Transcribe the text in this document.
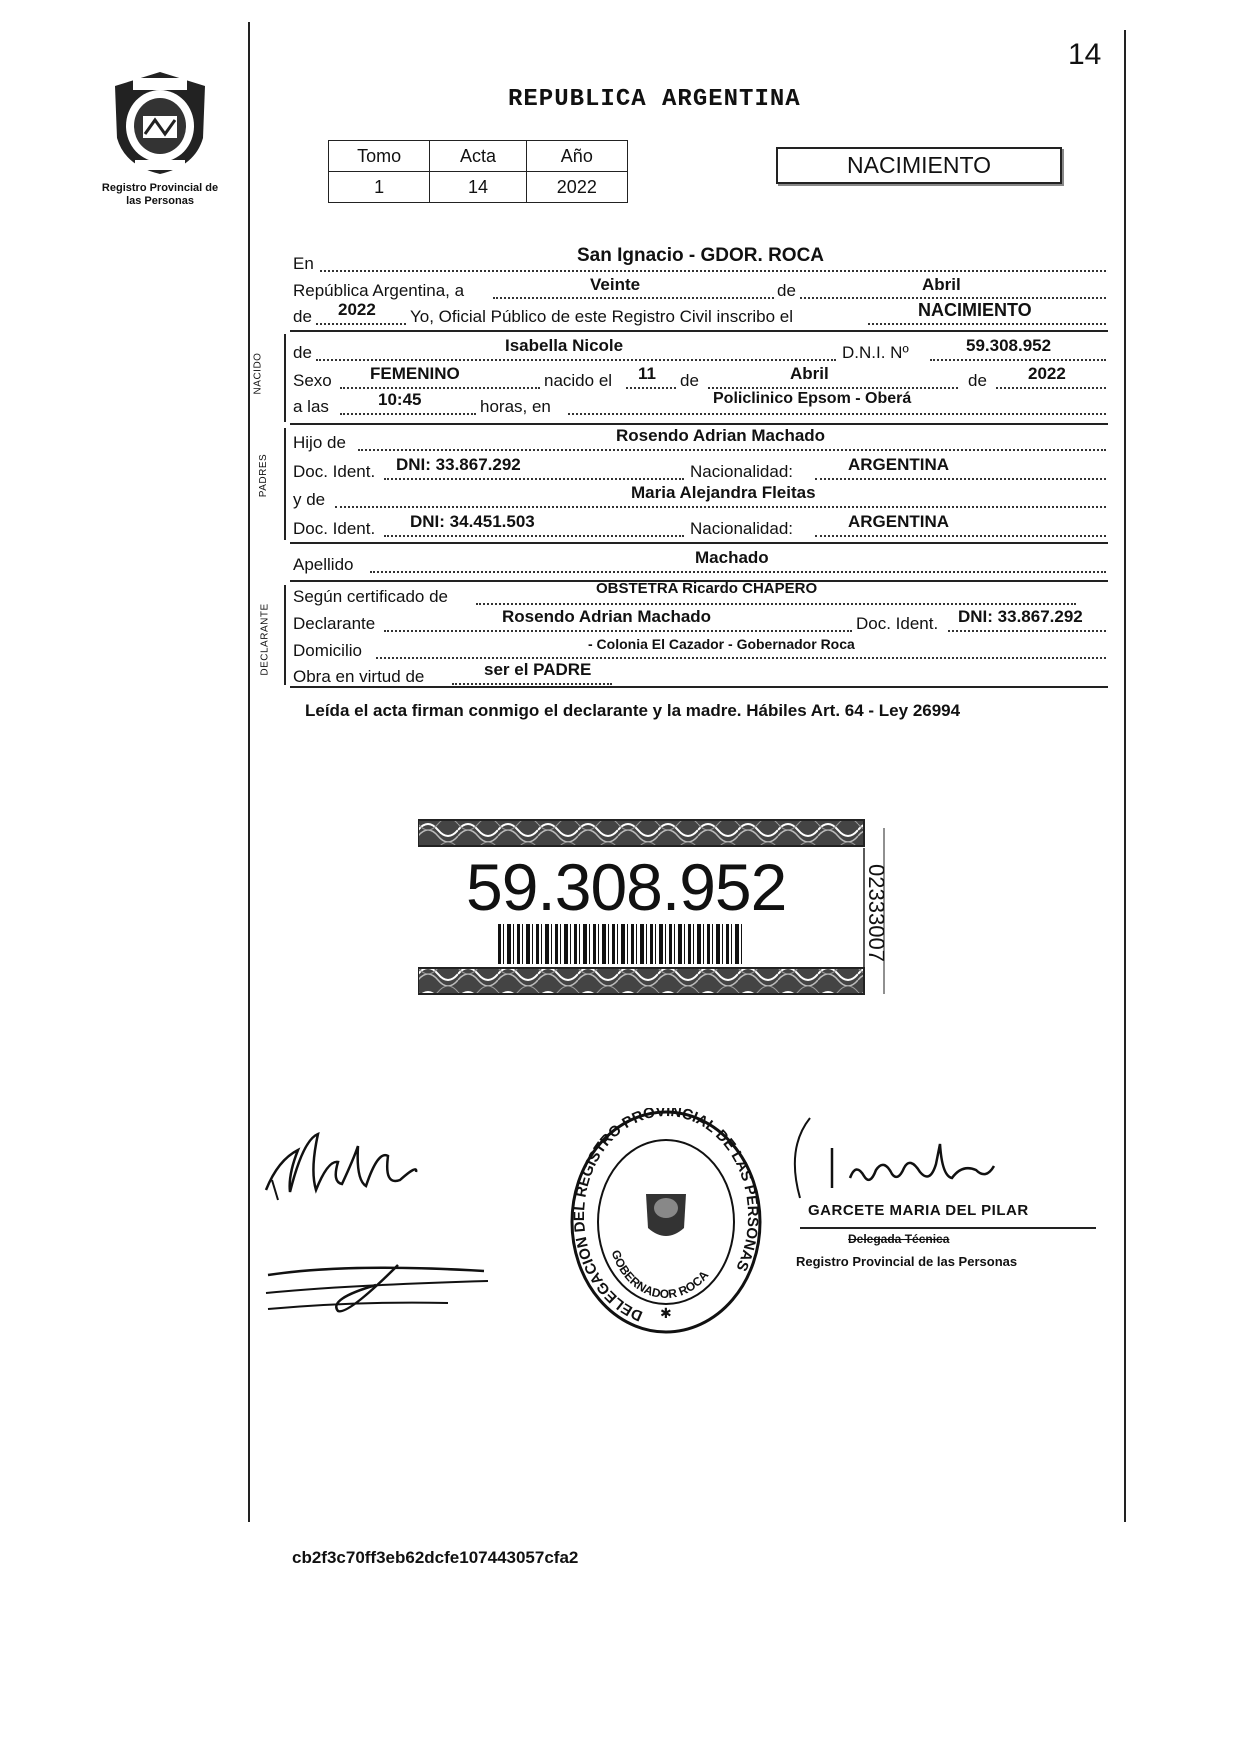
14
Registro Provincial de las Personas
REPUBLICA ARGENTINA
Tomo	Acta	Año
1	14	2022
NACIMIENTO
En	San Ignacio - GDOR. ROCA
República Argentina, a	Veinte	de	Abril
de 2022 Yo, Oficial Público de este Registro Civil inscribo el	NACIMIENTO
NACIDO
de	Isabella Nicole	D.N.I. Nº	59.308.952
Sexo FEMENINO	nacido el 11 de	Abril	de 2022
a las	10:45	horas, en	Policlinico Epsom - Oberá
PADRES
Hijo de	Rosendo Adrian Machado
Doc. Ident. DNI: 33.867.292	Nacionalidad:	ARGENTINA
y de	Maria Alejandra Fleitas
Doc. Ident. DNI: 34.451.503	Nacionalidad:	ARGENTINA
Apellido	Machado
DECLARANTE
Según certificado de	OBSTETRA Ricardo CHAPERO
Declarante	Rosendo Adrian Machado	Doc. Ident. DNI: 33.867.292
Domicilio	- Colonia El Cazador - Gobernador Roca
Obra en virtud de	ser el PADRE
Leída el acta firman conmigo el declarante y la madre. Hábiles Art. 64 - Ley 26994
59.308.952	02333007
DELEGACION DEL REGISTRO PROVINCIAL DE LAS PERSONAS
GOBERNADOR ROCA
✱
GARCETE MARIA DEL PILAR
Delegada Técnica
Registro Provincial de las Personas
cb2f3c70ff3eb62dcfe107443057cfa2
